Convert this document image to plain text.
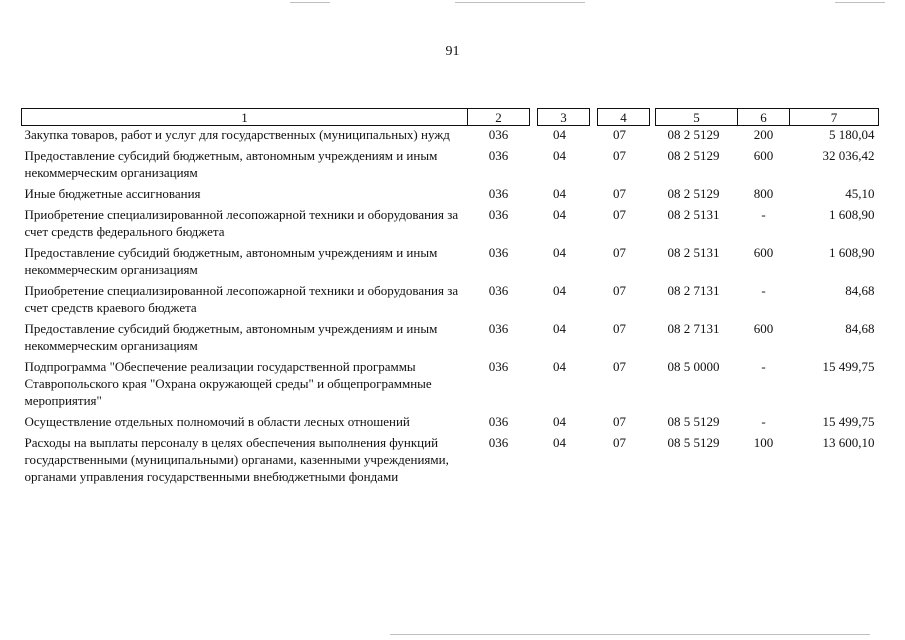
91
1	2		3		4		5	6	7
Закупка товаров, работ и услуг для государственных (муниципальных) нужд	036	04		07		08 2 5129		200	5 180,04
Предоставление субсидий бюджетным, автономным учреждениям и иным некоммерческим организациям	036	04		07		08 2 5129		600	32 036,42
Иные бюджетные ассигнования	036	04		07		08 2 5129		800	45,10
Приобретение специализированной лесопожарной техники и оборудования за счет средств федерального бюджета	036	04		07		08 2 5131		-	1 608,90
Предоставление субсидий бюджетным, автономным учреждениям и иным некоммерческим организациям	036	04		07		08 2 5131		600	1 608,90
Приобретение специализированной лесопожарной техники и оборудования за счет средств краевого бюджета	036	04		07		08 2 7131		-	84,68
Предоставление субсидий бюджетным, автономным учреждениям и иным некоммерческим организациям	036	04		07		08 2 7131		600	84,68
Подпрограмма "Обеспечение реализации государственной программы Ставропольского края "Охрана окружающей среды" и общепрограммные мероприятия"	036	04		07		08 5 0000		-	15 499,75
Осуществление отдельных полномочий в области лесных отношений	036	04		07		08 5 5129		-	15 499,75
Расходы на выплаты персоналу в целях обеспечения выполнения функций государственными (муниципальными) органами, казенными учреждениями, органами управления государственными внебюджетными фондами	036	04		07		08 5 5129		100	13 600,10
